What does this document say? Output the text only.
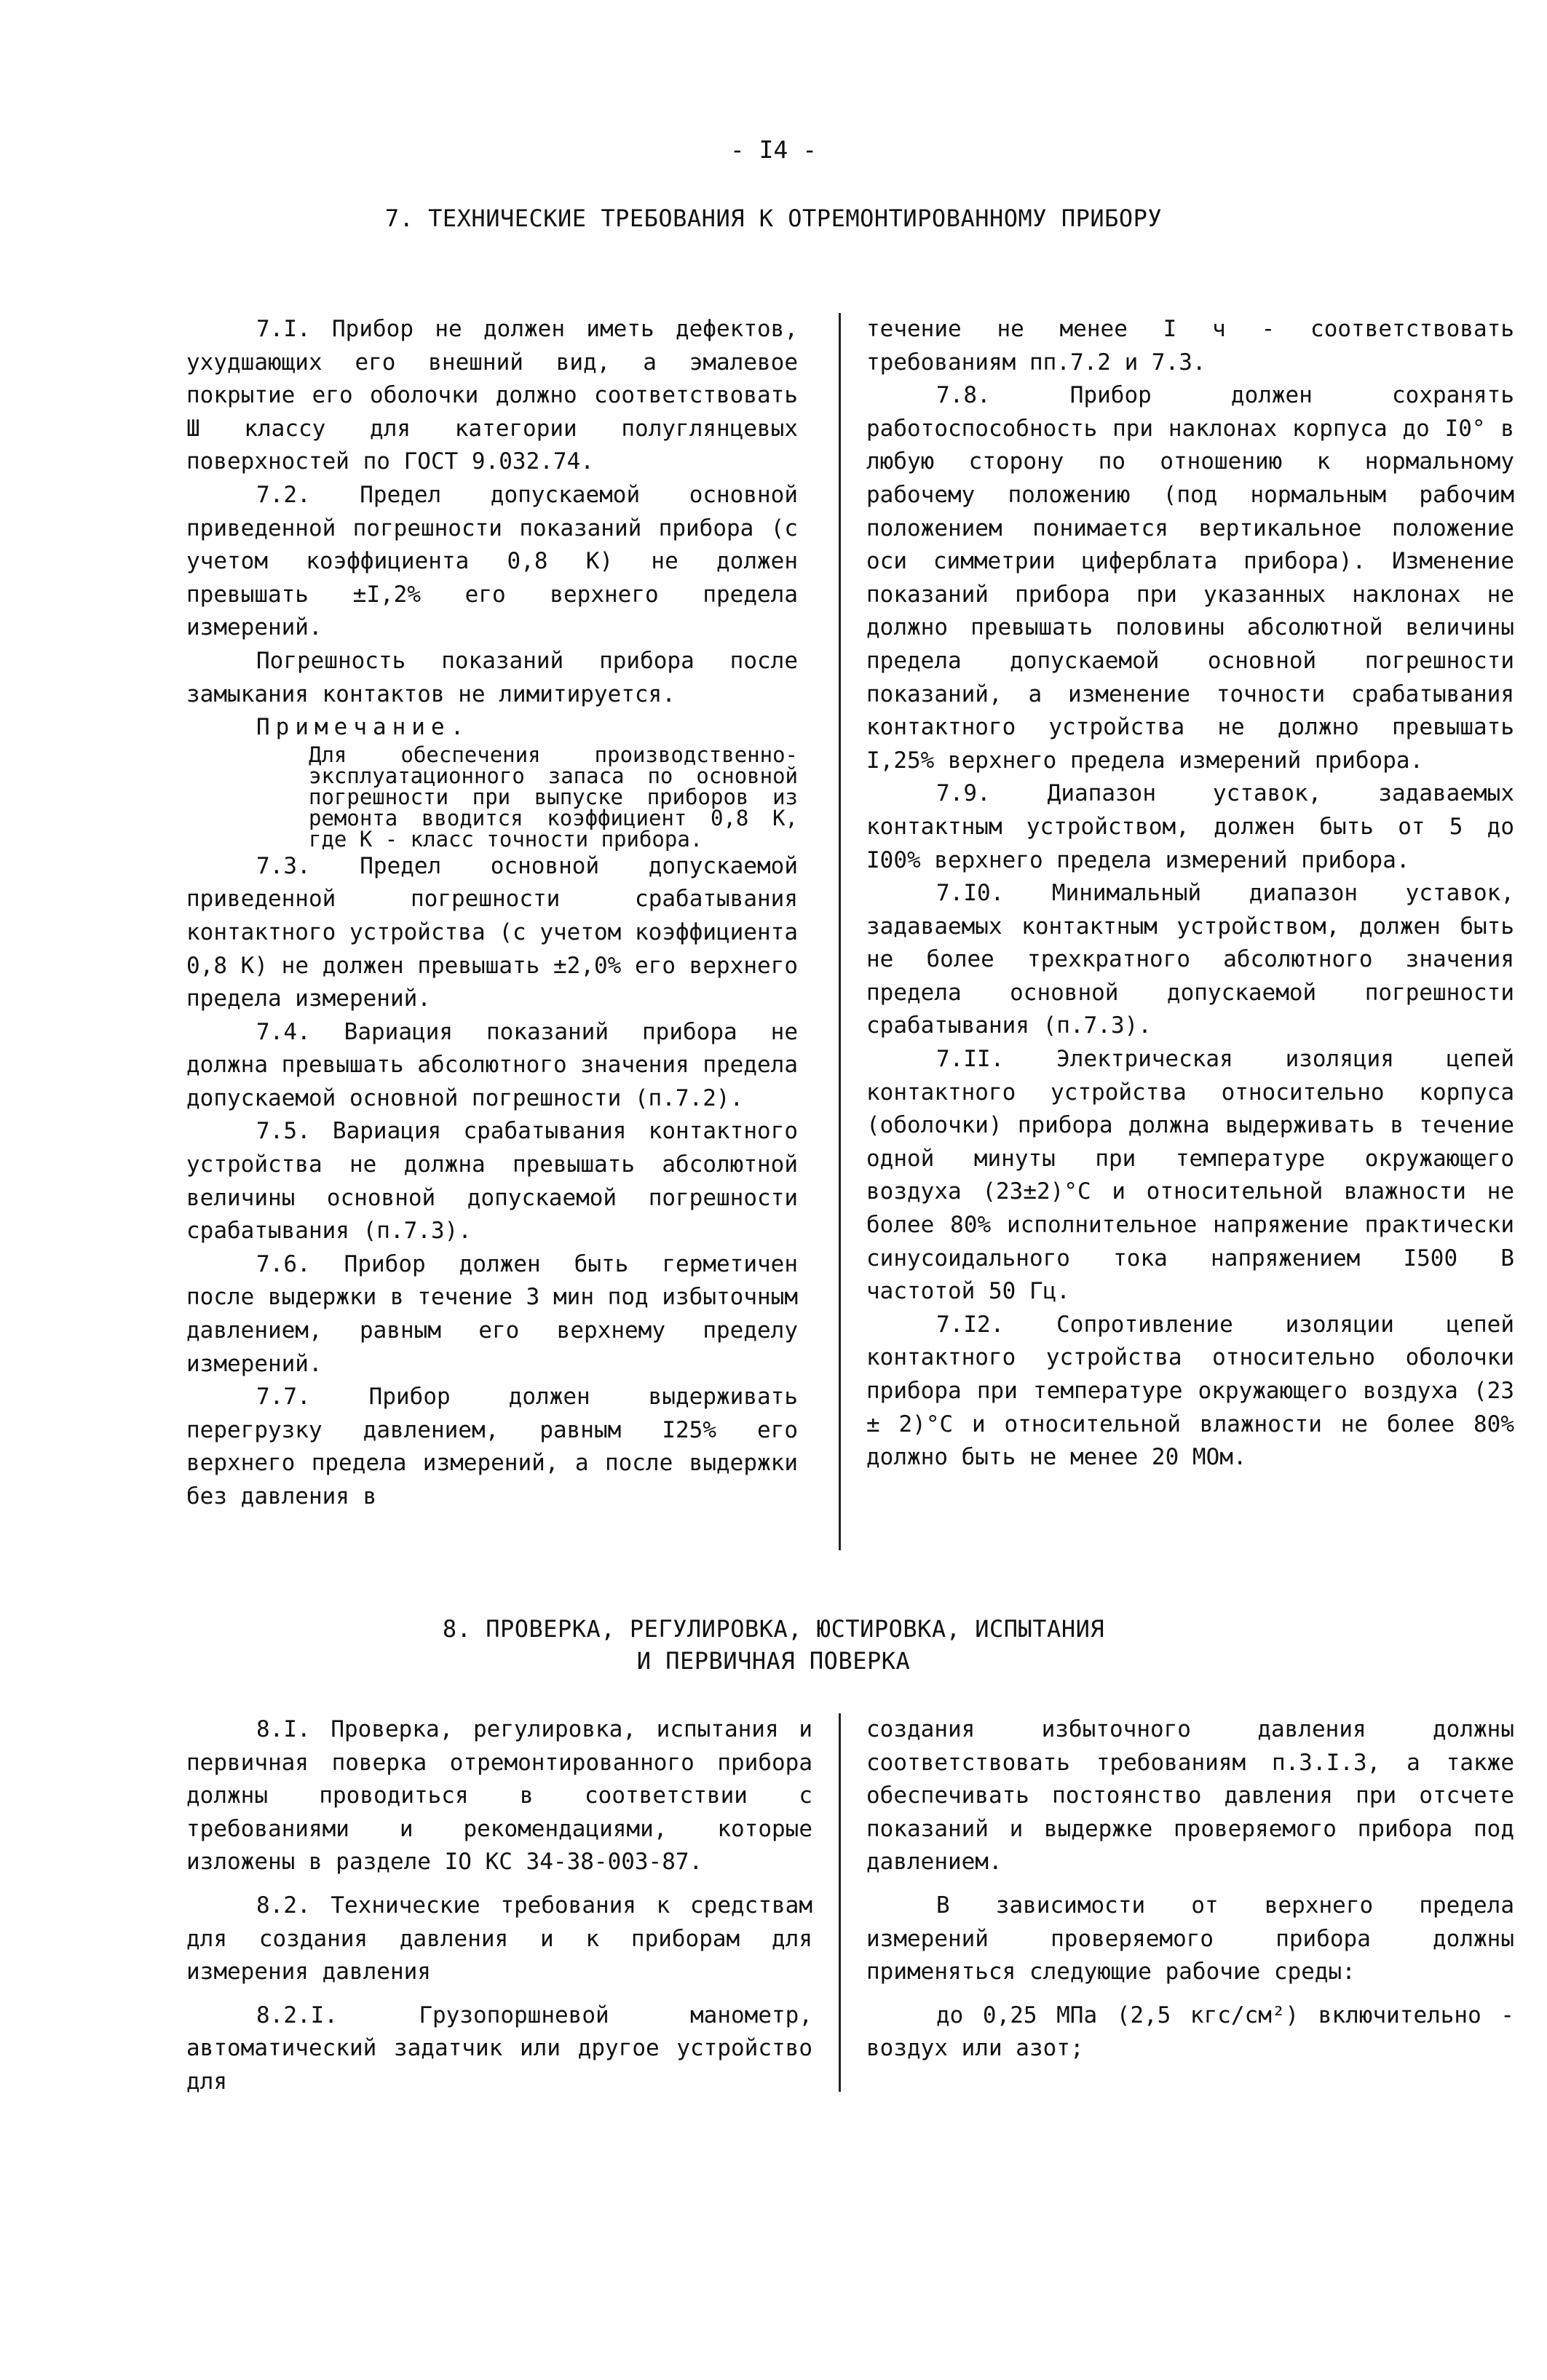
- I4 -
7. ТЕХНИЧЕСКИЕ ТРЕБОВАНИЯ К ОТРЕМОНТИРОВАННОМУ ПРИБОРУ

7.I. Прибор не должен иметь дефектов, ухудшающих его внешний вид, а эмалевое покрытие его оболочки должно соответствовать Ш классу для категории полуглянцевых поверхностей по ГОСТ 9.032.74.

7.2. Предел допускаемой основной приведенной погрешности показаний прибора (с учетом коэффициента 0,8 К) не должен превышать ±I,2% его верхнего предела измерений.

Погрешность показаний прибора после замыкания контактов не лимитируется.

Примечание.

Для обеспечения производственно-эксплуатационного запаса по основной погрешности при выпуске приборов из ремонта вводится коэффициент 0,8 К, где К - класс точности прибора.

7.3. Предел основной допускаемой приведенной погрешности срабатывания контактного устройства (с учетом коэффициента 0,8 К) не должен превышать ±2,0% его верхнего предела измерений.

7.4. Вариация показаний прибора не должна превышать абсолютного значения предела допускаемой основной погрешности (п.7.2).

7.5. Вариация срабатывания контактного устройства не должна превышать абсолютной величины основной допускаемой погрешности срабатывания (п.7.3).

7.6. Прибор должен быть герметичен после выдержки в течение 3 мин под избыточным давлением, равным его верхнему пределу измерений.

7.7. Прибор должен выдерживать перегрузку давлением, равным I25% его верхнего предела измерений, а после выдержки без давления в

течение не менее I ч - соответствовать требованиям пп.7.2 и 7.3.

7.8. Прибор должен сохранять работоспособность при наклонах корпуса до I0° в любую сторону по отношению к нормальному рабочему положению (под нормальным рабочим положением понимается вертикальное положение оси симметрии циферблата прибора). Изменение показаний прибора при указанных наклонах не должно превышать половины абсолютной величины предела допускаемой основной погрешности показаний, а изменение точности срабатывания контактного устройства не должно превышать I,25% верхнего предела измерений прибора.

7.9. Диапазон уставок, задаваемых контактным устройством, должен быть от 5 до I00% верхнего предела измерений прибора.

7.I0. Минимальный диапазон уставок, задаваемых контактным устройством, должен быть не более трехкратного абсолютного значения предела основной допускаемой погрешности срабатывания (п.7.3).

7.II. Электрическая изоляция цепей контактного устройства относительно корпуса (оболочки) прибора должна выдерживать в течение одной минуты при температуре окружающего воздуха (23±2)°С и относительной влажности не более 80% исполнительное напряжение практически синусоидального тока напряжением I500 В частотой 50 Гц.

7.I2. Сопротивление изоляции цепей контактного устройства относительно оболочки прибора при температуре окружающего воздуха (23 ± 2)°С и относительной влажности не более 80% должно быть не менее 20 МОм.

8. ПРОВЕРКА, РЕГУЛИРОВКА, ЮСТИРОВКА, ИСПЫТАНИЯ
И ПЕРВИЧНАЯ ПОВЕРКА

8.I. Проверка, регулировка, испытания и первичная поверка отремонтированного прибора должны проводиться в соответствии с требованиями и рекомендациями, которые изложены в разделе IO КС 34-38-003-87.

8.2. Технические требования к средствам для создания давления и к приборам для измерения давления

8.2.I. Грузопоршневой манометр, автоматический задатчик или другое устройство для

создания избыточного давления должны соответствовать требованиям п.3.I.3, а также обеспечивать постоянство давления при отсчете показаний и выдержке проверяемого прибора под давлением.

В зависимости от верхнего предела измерений проверяемого прибора должны применяться следующие рабочие среды:

до 0,25 МПа (2,5 кгс/см²) включительно - воздух или азот;
